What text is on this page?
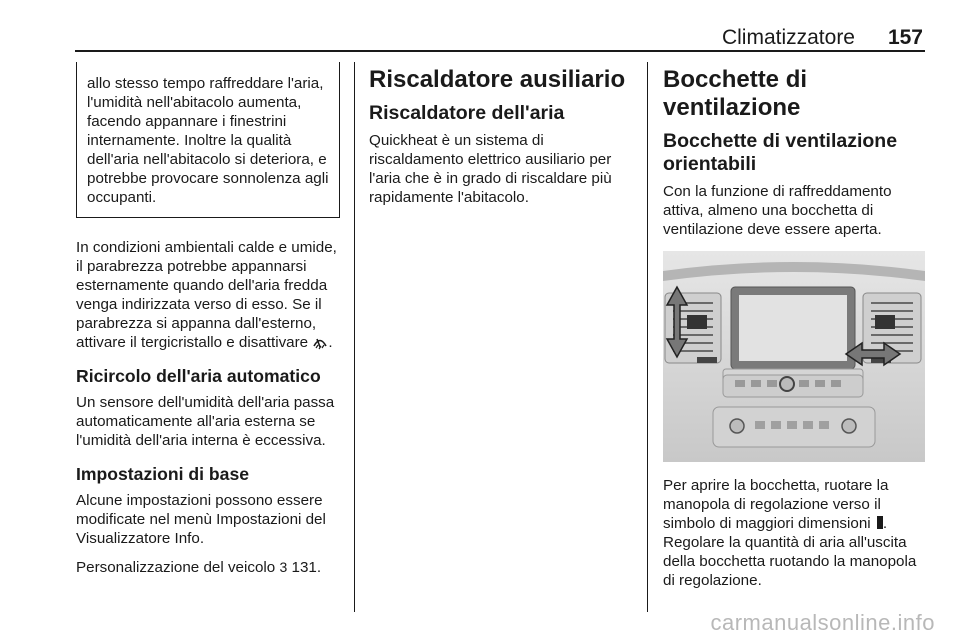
Climatizzatore 157
allo stesso tempo raffreddare l'aria, l'umidità nell'abitacolo aumenta, facendo appannare i finestrini internamente. Inoltre la qualità dell'aria nell'abitacolo si deteriora, e potrebbe provocare sonnolenza agli occupanti.

In condizioni ambientali calde e umide, il parabrezza potrebbe appannarsi esternamente quando dell'aria fredda venga indirizzata verso di esso. Se il parabrezza si appanna dall'esterno, attivare il tergicristallo e disattivare .

Ricircolo dell'aria automatico

Un sensore dell'umidità dell'aria passa automaticamente all'aria esterna se l'umidità dell'aria interna è eccessiva.

Impostazioni di base

Alcune impostazioni possono essere modificate nel menù Impostazioni del Visualizzatore Info.

Personalizzazione del veicolo 3 131.

Riscaldatore ausiliario
Riscaldatore dell'aria

Quickheat è un sistema di riscaldamento elettrico ausiliario per l'aria che è in grado di riscaldare più rapidamente l'abitacolo.

Bocchette di ventilazione
Bocchette di ventilazione orientabili

Con la funzione di raffreddamento attiva, almeno una bocchetta di ventilazione deve essere aperta.

Per aprire la bocchetta, ruotare la manopola di regolazione verso il simbolo di maggiori dimensioni .

Regolare la quantità di aria all'uscita della bocchetta ruotando la manopola di regolazione.

carmanualsonline.info
